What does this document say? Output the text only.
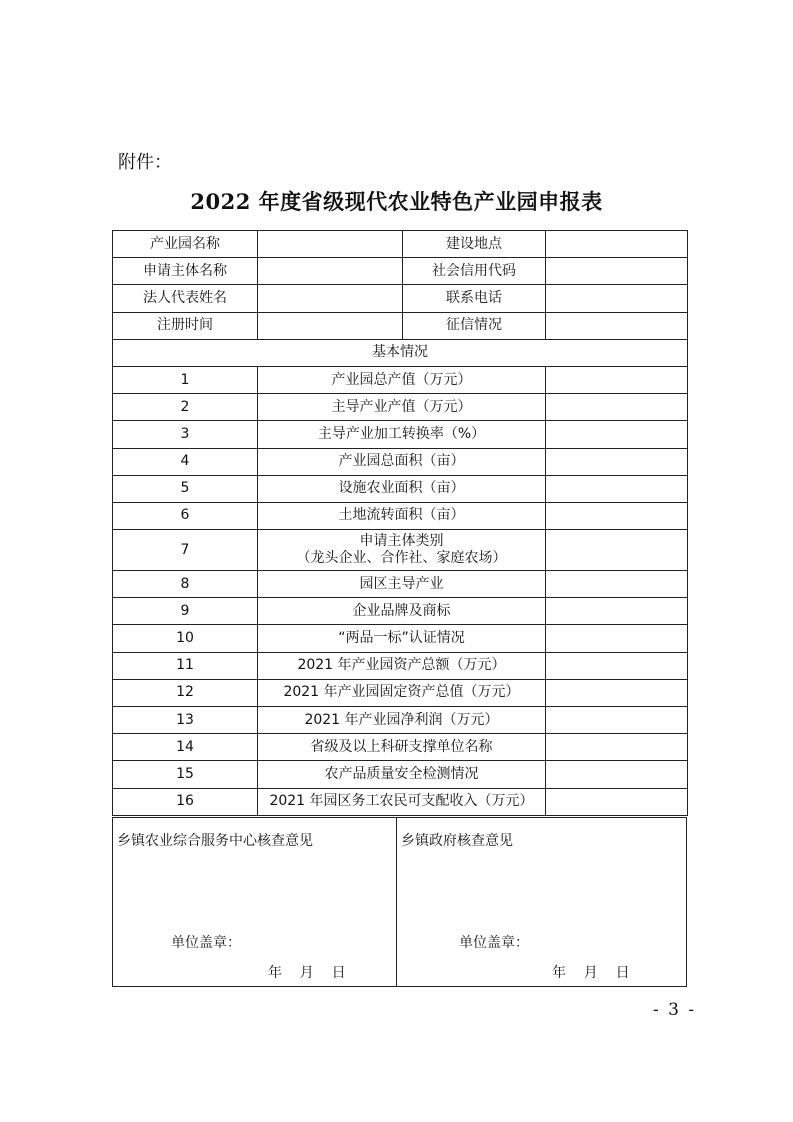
附件：
2022 年度省级现代农业特色产业园申报表
产业园名称		建设地点	
申请主体名称		社会信用代码	
法人代表姓名		联系电话	
注册时间		征信情况	
基本情况			
1	产业园总产值（万元）		

2	主导产业产值（万元）		

3	主导产业加工转换率（%）		

4	产业园总面积（亩）		

5	设施农业面积（亩）		

6	土地流转面积（亩）		

7	申请主体类别
（龙头企业、合作社、家庭农场）		

8	园区主导产业		

9	企业品牌及商标		

10	“两品一标”认证情况		

11	2021 年产业园资产总额（万元）		

12	2021 年产业园固定资产总值（万元）		

13	2021 年产业园净利润（万元）		

14	省级及以上科研支撑单位名称		

15	农产品质量安全检测情况		

16	2021 年园区务工农民可支配收入（万元）		

乡镇农业综合服务中心核查意见
单位盖章：
年    月    日
乡镇政府核查意见
单位盖章：
年    月    日
- 3 -
